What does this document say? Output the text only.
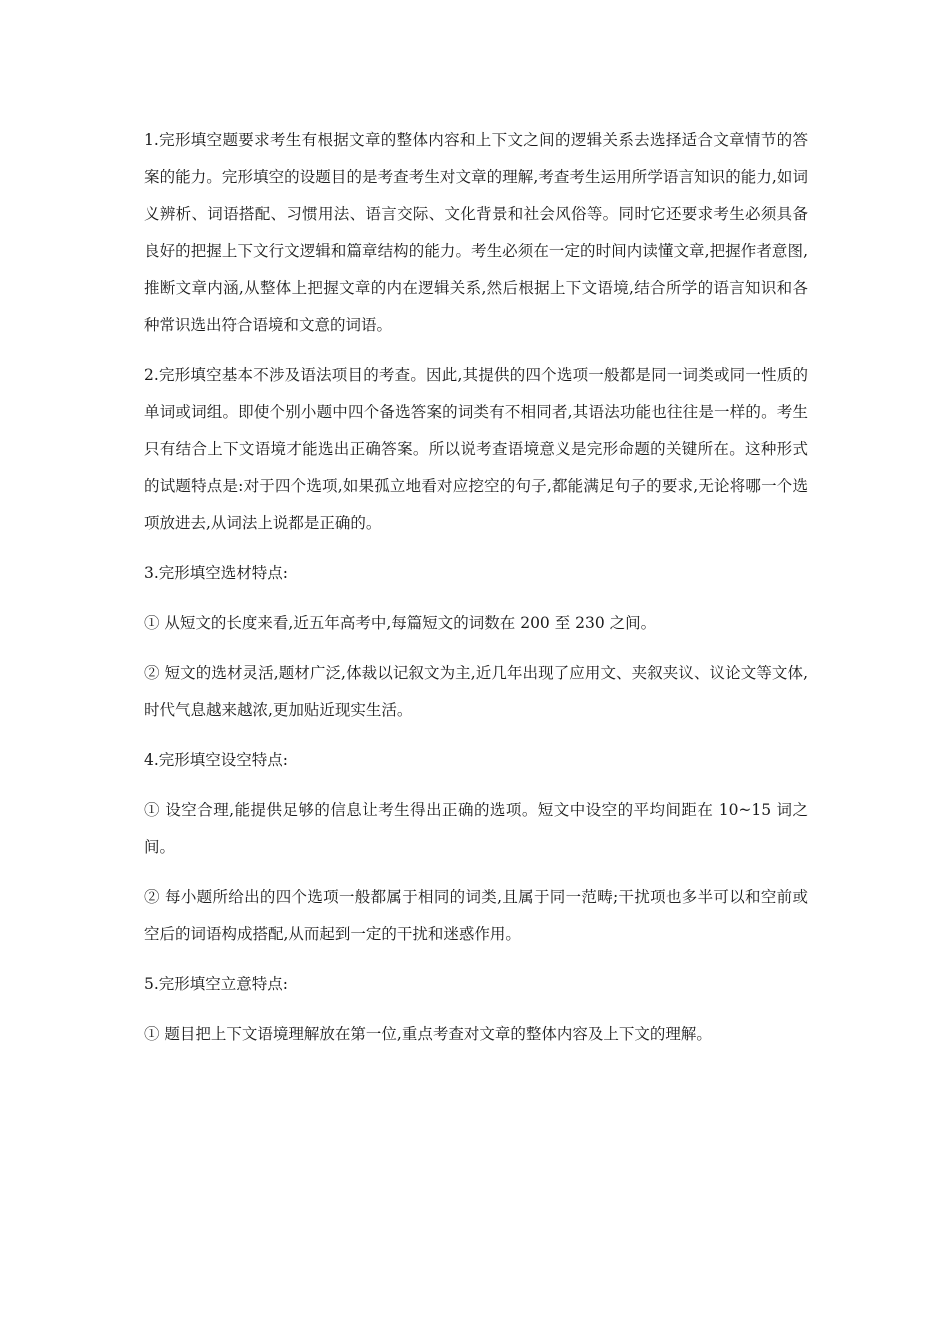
1.完形填空题要求考生有根据文章的整体内容和上下文之间的逻辑关系去选择适合文章情节的答案的能力。完形填空的设题目的是考查考生对文章的理解,考查考生运用所学语言知识的能力,如词义辨析、词语搭配、习惯用法、语言交际、文化背景和社会风俗等。同时它还要求考生必须具备良好的把握上下文行文逻辑和篇章结构的能力。考生必须在一定的时间内读懂文章,把握作者意图,推断文章内涵,从整体上把握文章的内在逻辑关系,然后根据上下文语境,结合所学的语言知识和各种常识选出符合语境和文意的词语。

2.完形填空基本不涉及语法项目的考查。因此,其提供的四个选项一般都是同一词类或同一性质的单词或词组。即使个别小题中四个备选答案的词类有不相同者,其语法功能也往往是一样的。考生只有结合上下文语境才能选出正确答案。所以说考查语境意义是完形命题的关键所在。这种形式的试题特点是:对于四个选项,如果孤立地看对应挖空的句子,都能满足句子的要求,无论将哪一个选项放进去,从词法上说都是正确的。

3.完形填空选材特点:

① 从短文的长度来看,近五年高考中,每篇短文的词数在 200 至 230 之间。

② 短文的选材灵活,题材广泛,体裁以记叙文为主,近几年出现了应用文、夹叙夹议、议论文等文体,时代气息越来越浓,更加贴近现实生活。

4.完形填空设空特点:

① 设空合理,能提供足够的信息让考生得出正确的选项。短文中设空的平均间距在 10~15 词之间。

② 每小题所给出的四个选项一般都属于相同的词类,且属于同一范畴;干扰项也多半可以和空前或空后的词语构成搭配,从而起到一定的干扰和迷惑作用。

5.完形填空立意特点:

① 题目把上下文语境理解放在第一位,重点考查对文章的整体内容及上下文的理解。
